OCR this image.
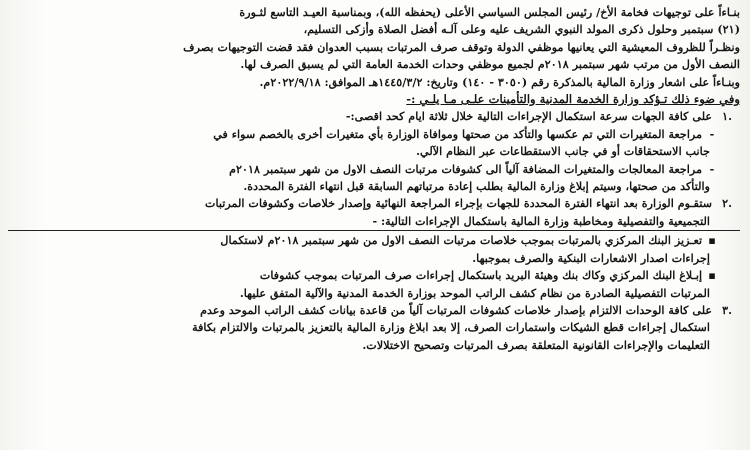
بنـاءاً على توجيهات فخامة الأخ/ رئيس المجلس السياسي الأعلى (يحفظه الله)، وبمناسبة العيـد التاسع لثـورة
(٢١) سبتمبر وحلول ذكرى المولد النبوي الشريف عليه وعلى آلـه أفضل الصلاة وأزكى التسليم،
ونظـراً للظروف المعيشية التي يعانيها موظفي الدولة وتوقف صرف المرتبات بسبب العدوان فقد قضت التوجيهات بصرف
النصف الأول من مرتب شهر سبتمبر ٢٠١٨م لجميع موظفي وحدات الخدمة العامة التي لم يسبق الصرف لها.
وبنـاءاً على اشعار وزارة المالية بالمذكرة رقم (٣٠٥٠ - ١٤٠) وتاريخ: ١٤٤٥/٣/٢هـ الموافق: ٢٠٢٢/٩/١٨م.
وفي ضوء ذلك تـؤكد وزارة الخدمة المدنية والتأمينات علـى مـا يلـي :-
.١ على كافة الجهات سرعة استكمال الإجراءات التالية خلال ثلاثة ايام كحد اقصى:-
- مراجعة المتغيرات التي تم عكسها والتأكد من صحتها وموافاة الوزارة بأي متغيرات أخرى بالخصم سواء في
جانب الاستحقاقات أو في جانب الاستقطاعات عبر النظام الآلي.
- مراجعة المعالجات والمتغيرات المضافة آلياً الى كشوفات مرتبات النصف الاول من شهر سبتمبر ٢٠١٨م
والتأكد من صحتها، وسيتم إبلاغ وزارة المالية بطلب إعادة مرتباتهم السابقة قبل انتهاء الفترة المحددة.
.٢ ستقـوم الوزارة بعد انتهاء الفترة المحددة للجهات بإجراء المراجعة النهائية وإصدار خلاصات وكشوفات المرتبات
التجميعية والتفصيلية ومخاطبة وزارة المالية باستكمال الإجراءات التالية: -
▪ تعـزيز البنك المركزي بالمرتبات بموجب خلاصات مرتبات النصف الاول من شهر سبتمبر ٢٠١٨م لاستكمال
إجراءات اصدار الاشعارات البنكية والصرف بموجبها.
▪ إبـلاغ البنك المركزي وكاك بنك وهيئة البريد باستكمال إجراءات صرف المرتبات بموجب كشوفات
المرتبات التفصيلية الصادرة من نظام كشف الراتب الموحد بوزارة الخدمة المدنية والآلية المتفق عليها.
.٣ على كافة الوحدات الالتزام بإصدار خلاصات كشوفات المرتبات آلياً من قاعدة بيانات كشف الراتب الموحد وعدم
استكمال إجراءات قطع الشيكات واستمارات الصرف، إلا بعد ابلاغ وزارة المالية بالتعزيز بالمرتبات والالتزام بكافة
التعليمات والإجراءات القانونية المتعلقة بصرف المرتبات وتصحيح الاختلالات.
